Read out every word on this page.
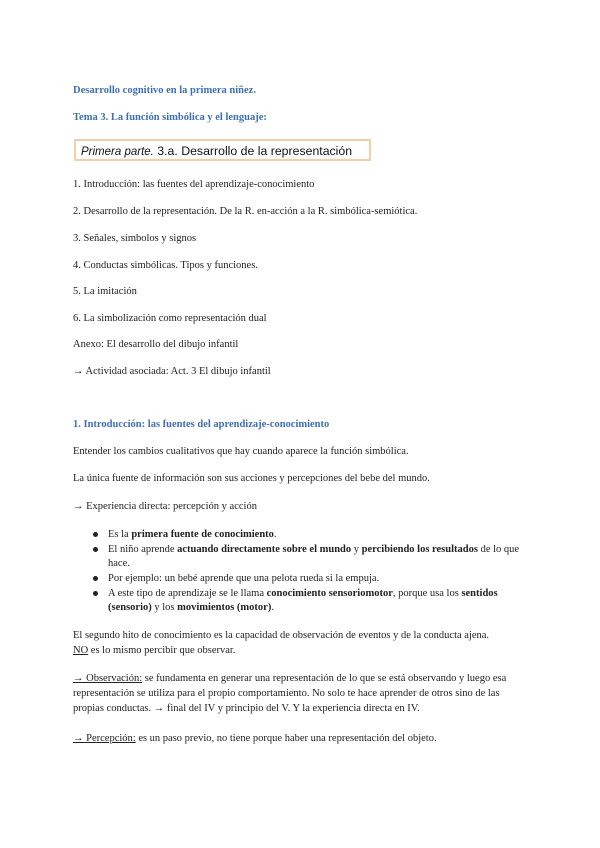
Desarrollo cognitivo en la primera niñez.
Tema 3. La función simbólica y el lenguaje:
Primera parte. 3.a. Desarrollo de la representación
1. Introducción: las fuentes del aprendizaje-conocimiento
2. Desarrollo de la representación. De la R. en-acción a la R. simbólica-semiótica.
3. Señales, símbolos y signos
4. Conductas simbólicas. Tipos y funciones.
5. La imitación
6. La simbolización como representación dual
Anexo: El desarrollo del dibujo infantil
→ Actividad asociada: Act. 3 El dibujo infantil
1. Introducción: las fuentes del aprendizaje-conocimiento
Entender los cambios cualitativos que hay cuando aparece la función simbólica.
La única fuente de información son sus acciones y percepciones del bebe del mundo.
→ Experiencia directa: percepción y acción
Es la primera fuente de conocimiento.
El niño aprende actuando directamente sobre el mundo y percibiendo los resultados de lo que hace.
Por ejemplo: un bebé aprende que una pelota rueda si la empuja.
A este tipo de aprendizaje se le llama conocimiento sensoriomotor, porque usa los sentidos (sensorio) y los movimientos (motor).
El segundo hito de conocimiento es la capacidad de observación de eventos y de la conducta ajena.
NO es lo mismo percibir que observar.
→ Observación: se fundamenta en generar una representación de lo que se está observando y luego esa representación se utiliza para el propio comportamiento. No solo te hace aprender de otros sino de las propias conductas. → final del IV y principio del V. Y la experiencia directa en IV.
→ Percepción: es un paso previo, no tiene porque haber una representación del objeto.
